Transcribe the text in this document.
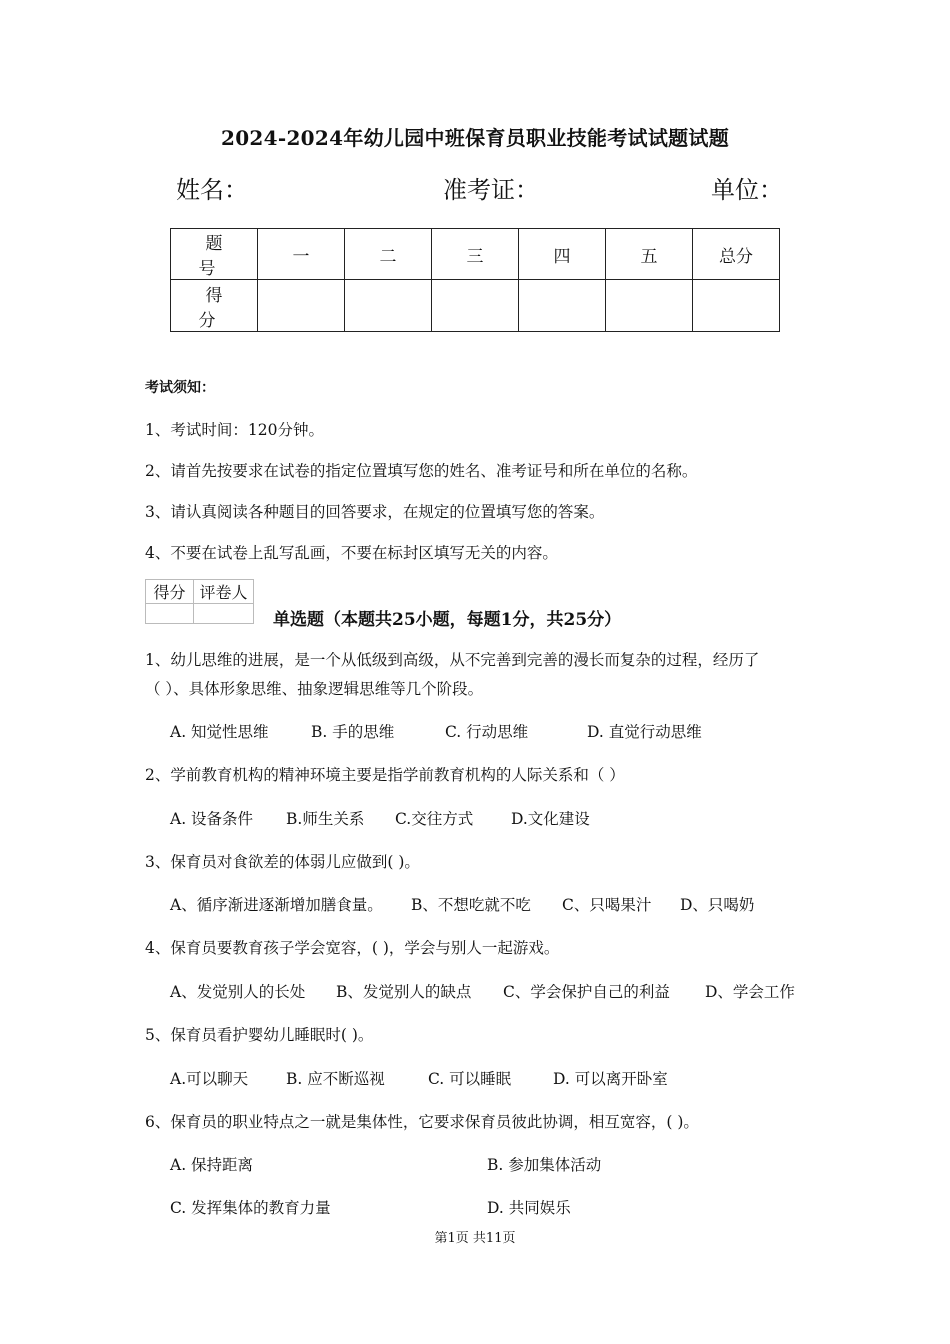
2024-2024年幼儿园中班保育员职业技能考试试题试题
姓名：	准考证：	单位：
题 号	一	二	三	四	五	总分
得 分						
考试须知：
1、考试时间：120分钟。
2、请首先按要求在试卷的指定位置填写您的姓名、准考证号和所在单位的名称。
3、请认真阅读各种题目的回答要求，在规定的位置填写您的答案。
4、不要在试卷上乱写乱画，不要在标封区填写无关的内容。
得分	评卷人

单选题（本题共25小题，每题1分，共25分）
1、幼儿思维的进展，是一个从低级到高级，从不完善到完善的漫长而复杂的过程，经历了
（ ）、具体形象思维、抽象逻辑思维等几个阶段。
A. 知觉性思维	B. 手的思维	C. 行动思维	D. 直觉行动思维
2、学前教育机构的精神环境主要是指学前教育机构的人际关系和（ ）
A. 设备条件 B.师生关系 C.交往方式 D.文化建设
3、保育员对食欲差的体弱儿应做到( )。
A、循序渐进逐渐增加膳食量。 B、不想吃就不吃 C、只喝果汁 D、只喝奶
4、保育员要教育孩子学会宽容，( )，学会与别人一起游戏。
A、发觉别人的长处 B、发觉别人的缺点 C、学会保护自己的利益 D、学会工作
5、保育员看护婴幼儿睡眠时( )。
A.可以聊天 B. 应不断巡视	C. 可以睡眠	D. 可以离开卧室
6、保育员的职业特点之一就是集体性，它要求保育员彼此协调，相互宽容，( )。
A. 保持距离	B. 参加集体活动
C. 发挥集体的教育力量	D. 共同娱乐
第1页 共11页
